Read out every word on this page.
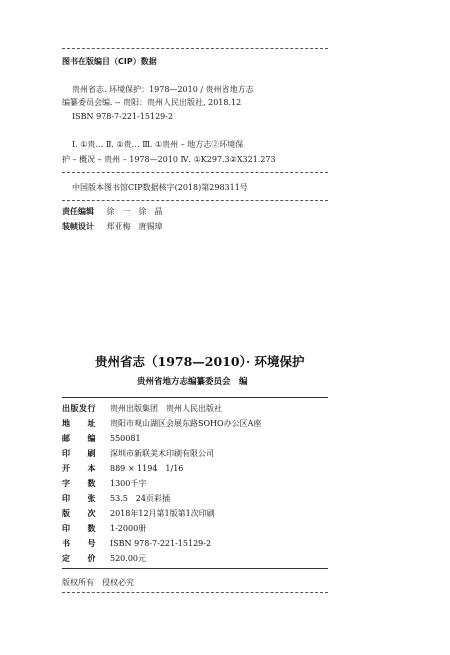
图书在版编目（CIP）数据
贵州省志. 环境保护：1978—2010 / 贵州省地方志
编纂委员会编. -- 贵阳：贵州人民出版社, 2018.12
ISBN 978-7-221-15129-2
Ⅰ. ①贵… Ⅱ. ①贵… Ⅲ. ①贵州 – 地方志②环境保
护 – 概况 – 贵州 – 1978—2010 Ⅳ. ①K297.3②X321.273
中国版本图书馆CIP数据核字(2018)第298311号
责任编辑 徐　一　徐　晶
装帧设计 郑亚梅　唐锡璋
贵州省志（1978—2010）· 环境保护
贵州省地方志编纂委员会　编
出版发行 贵州出版集团　贵州人民出版社
地　　址 贵阳市观山湖区会展东路SOHO办公区A座
邮　　编 550081
印　　刷 深圳市新联美术印刷有限公司
开　　本 889 × 1194　1/16
字　　数 1300千字
印　　张 53.5　24页彩插
版　　次 2018年12月第1版第1次印刷
印　　数 1-2000册
书　　号 ISBN 978-7-221-15129-2
定　　价 520.00元
版权所有　侵权必究
